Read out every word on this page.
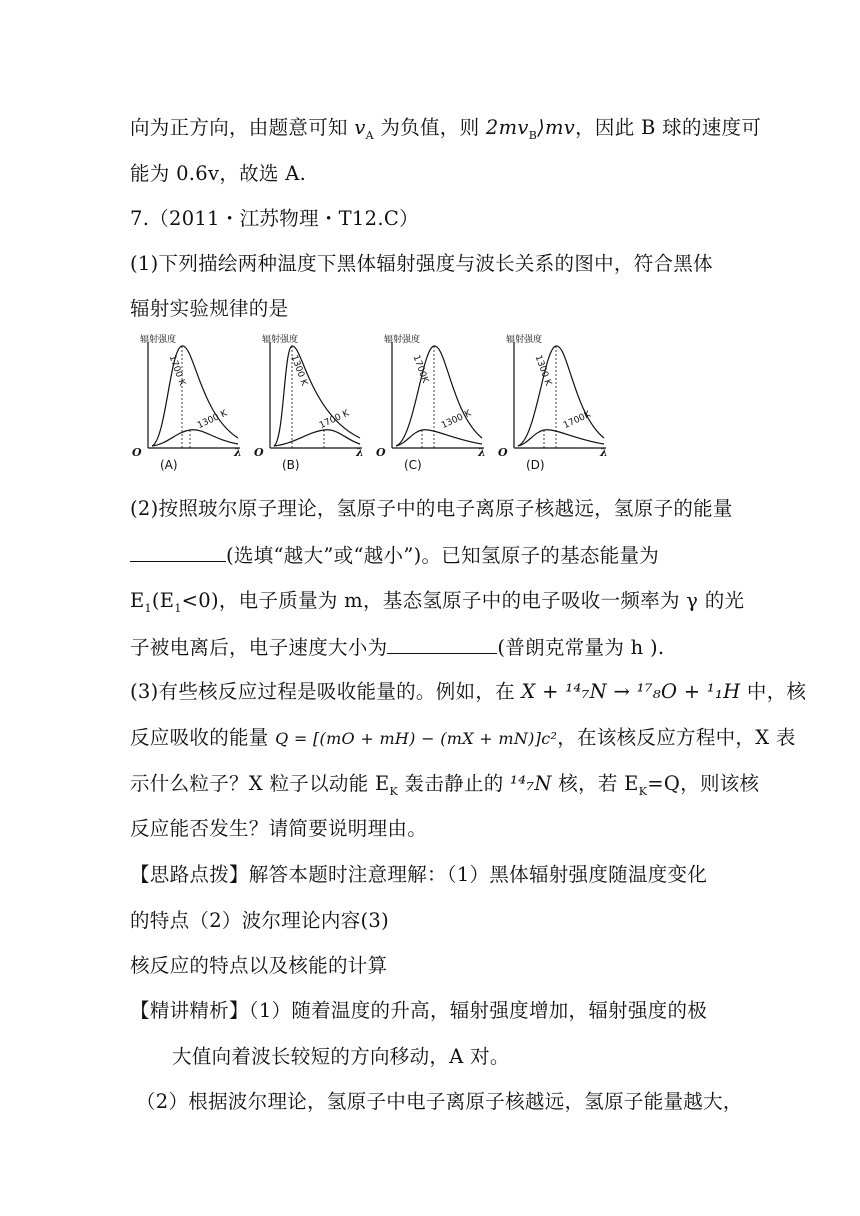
向为正方向，由题意可知 $v_A$ 为负值，则 $2mv_B⟩mv$，因此 B 球的速度可
能为 0.6v，故选 A.
7.（2011・江苏物理・T12.C）
(1)下列描绘两种温度下黑体辐射强度与波长关系的图中，符合黑体
辐射实验规律的是
辐射强度
1700 K
1300 K
O	λ
(A)
辐射强度
1300 K
1700 K
O	λ
(B)
辐射强度
1700K
1300 K
O	λ
(C)
辐射强度
1300 K
1700K
O	λ
(D)
(2)按照玻尔原子理论，氢原子中的电子离原子核越远，氢原子的能量
(选填“越大”或“越小”)。已知氢原子的基态能量为
$E_1(E_1<0)$，电子质量为 m，基态氢原子中的电子吸收一频率为 γ 的光
子被电离后，电子速度大小为	(普朗克常量为 h ).
(3)有些核反应过程是吸收能量的。例如，在 X + ¹⁴₇N → ¹⁷₈O + ¹₁H 中，核
反应吸收的能量 Q = [(mO + mH) − (mX + mN)]c²，在该核反应方程中，X 表
示什么粒子？X 粒子以动能 $E_K$ 轰击静止的 ¹⁴₇N 核，若 $E_K=Q$，则该核
反应能否发生？请简要说明理由。
【思路点拨】解答本题时注意理解：（1）黑体辐射强度随温度变化
的特点（2）波尔理论内容(3)
核反应的特点以及核能的计算
【精讲精析】（1）随着温度的升高，辐射强度增加，辐射强度的极
大值向着波长较短的方向移动，A 对。
（2）根据波尔理论，氢原子中电子离原子核越远，氢原子能量越大，
